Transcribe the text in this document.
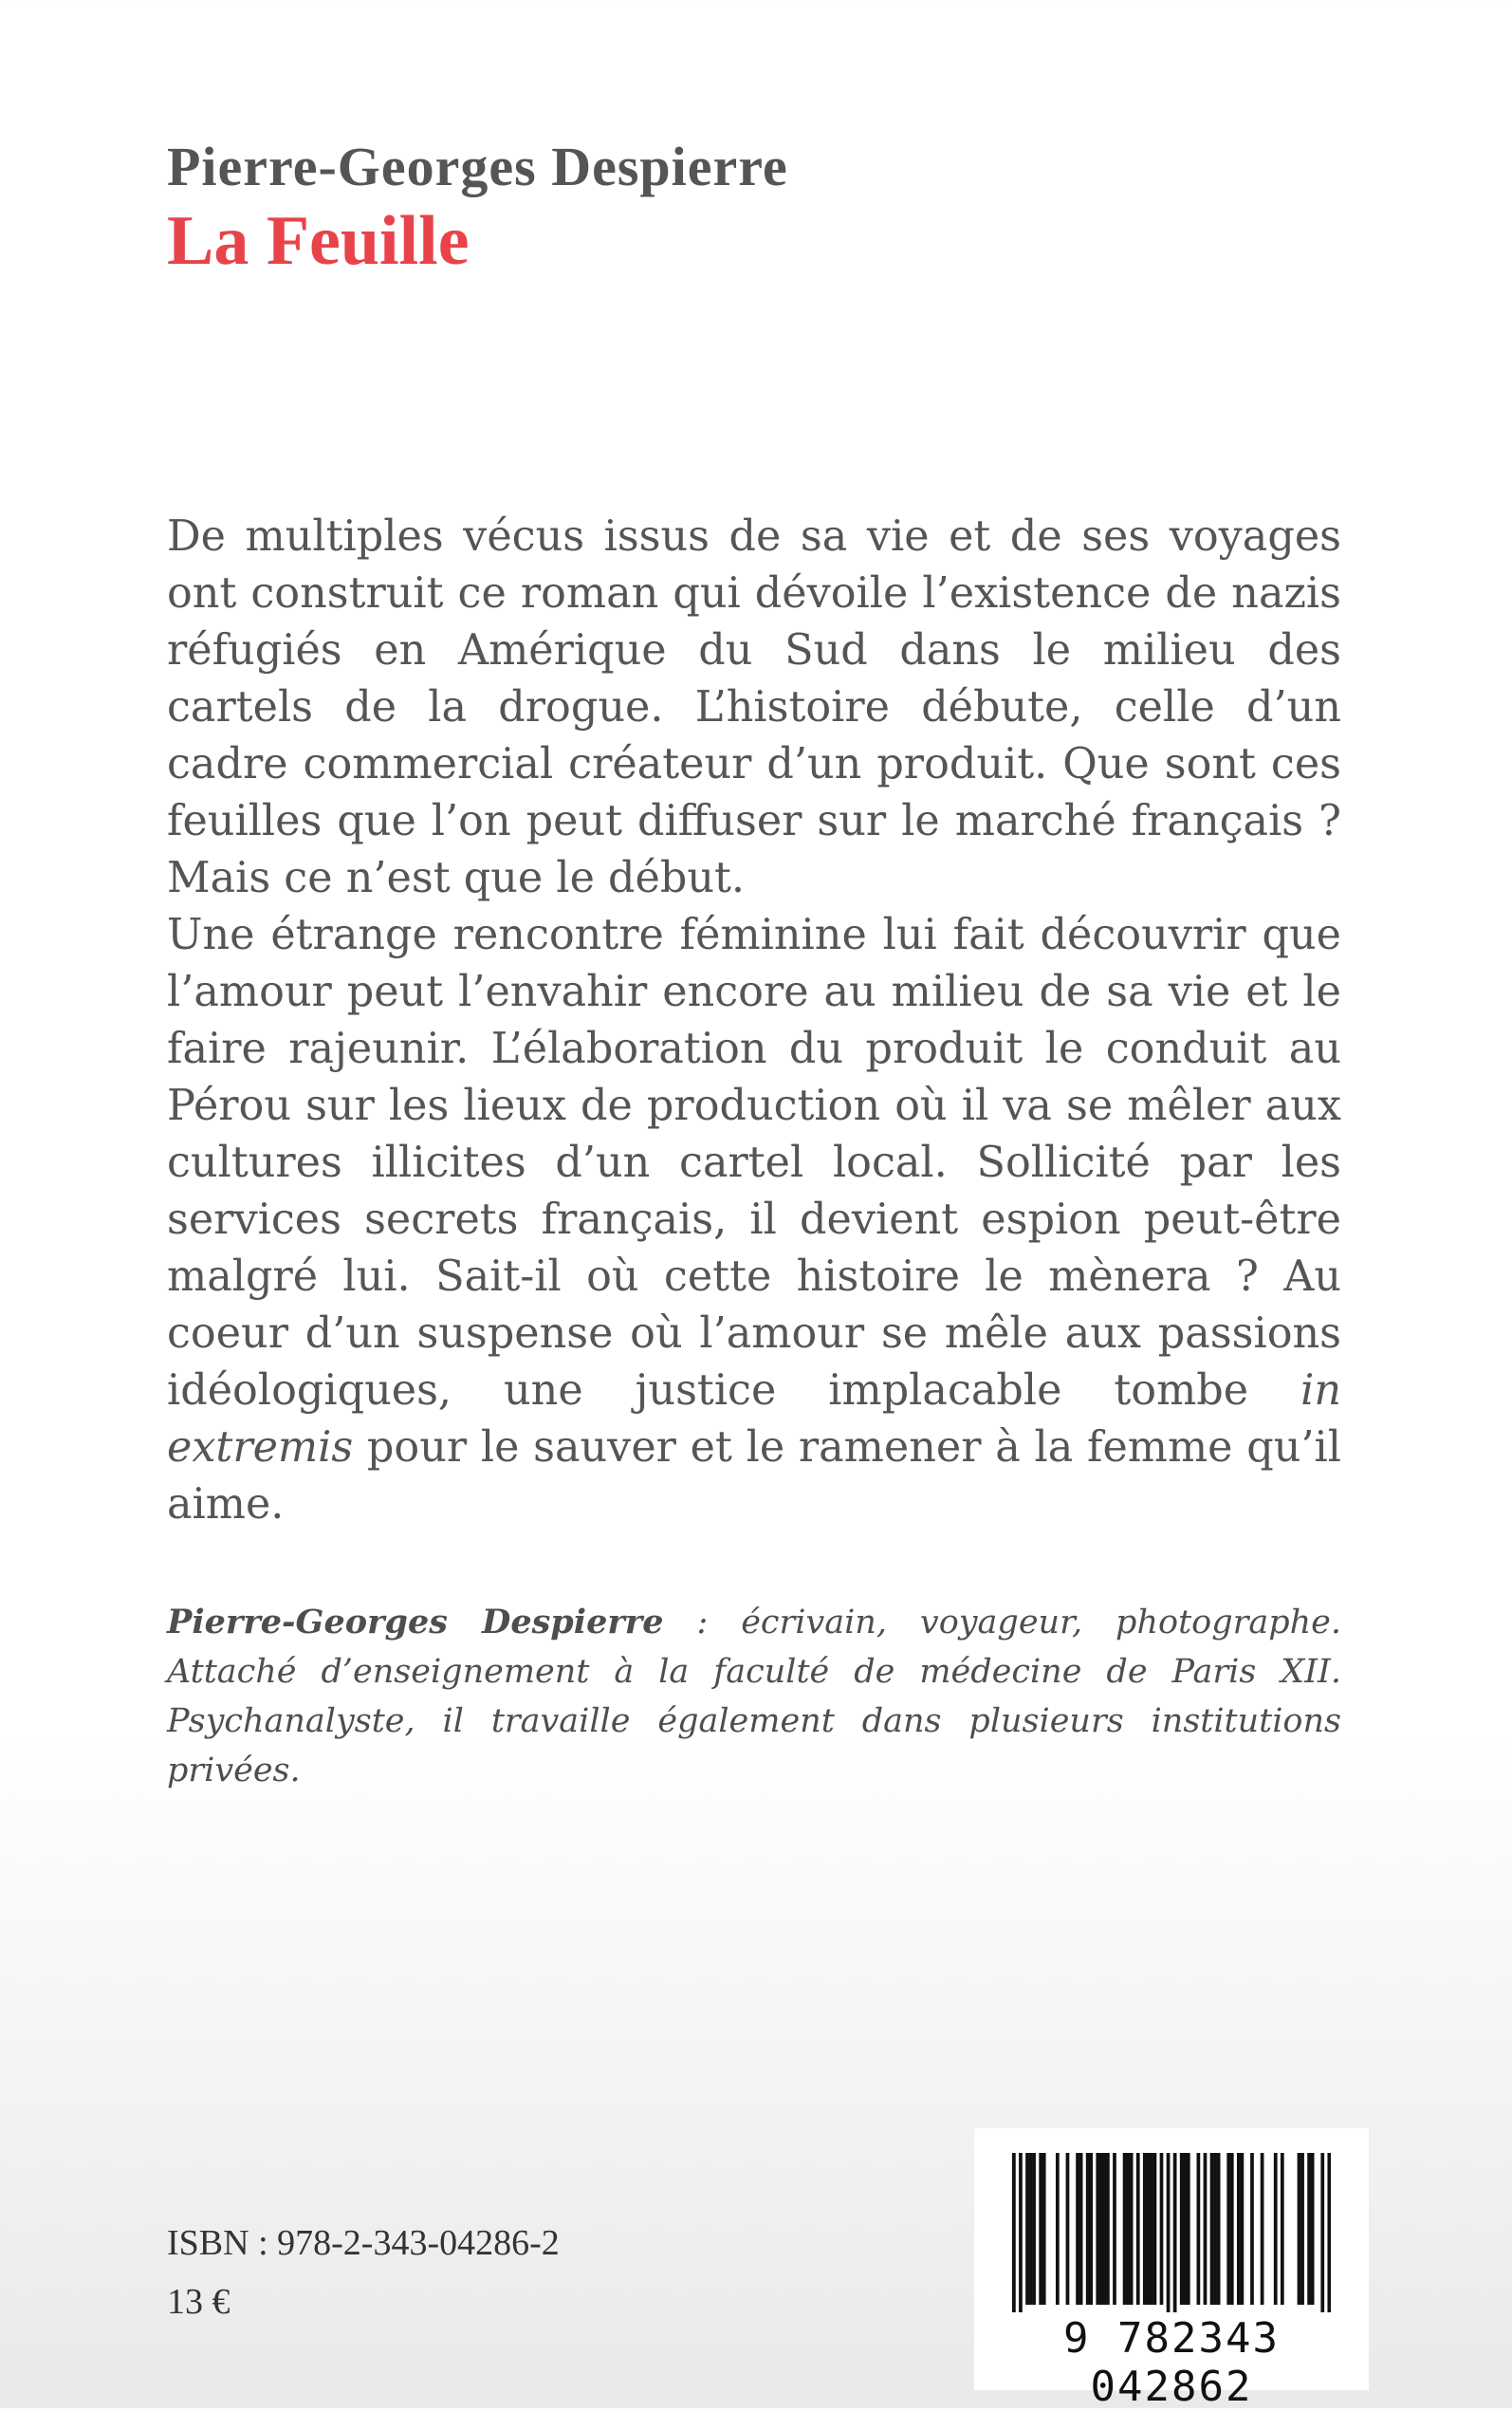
Pierre-Georges Despierre
La Feuille

De multiples vécus issus de sa vie et de ses voyages ont construit ce roman qui dévoile l’existence de nazis réfugiés en Amérique du Sud dans le milieu des cartels de la drogue. L’histoire débute, celle d’un cadre commercial créateur d’un produit. Que sont ces feuilles que l’on peut diffuser sur le marché français ? Mais ce n’est que le début.

Une étrange rencontre féminine lui fait découvrir que l’amour peut l’envahir encore au milieu de sa vie et le faire rajeunir. L’élaboration du produit le conduit au Pérou sur les lieux de production où il va se mêler aux cultures illicites d’un cartel local. Sollicité par les services secrets français, il devient espion peut-être malgré lui. Sait-il où cette histoire le mènera ? Au coeur d’un suspense où l’amour se mêle aux passions idéologiques, une justice implacable tombe in extremis pour le sauver et le ramener à la femme qu’il aime.

Pierre-Georges Despierre : écrivain, voyageur, photographe. Attaché d’enseignement à la faculté de médecine de Paris XII. Psychanalyste, il travaille également dans plusieurs institutions privées.
ISBN : 978-2-343-04286-2
13 €
9 782343 042862
